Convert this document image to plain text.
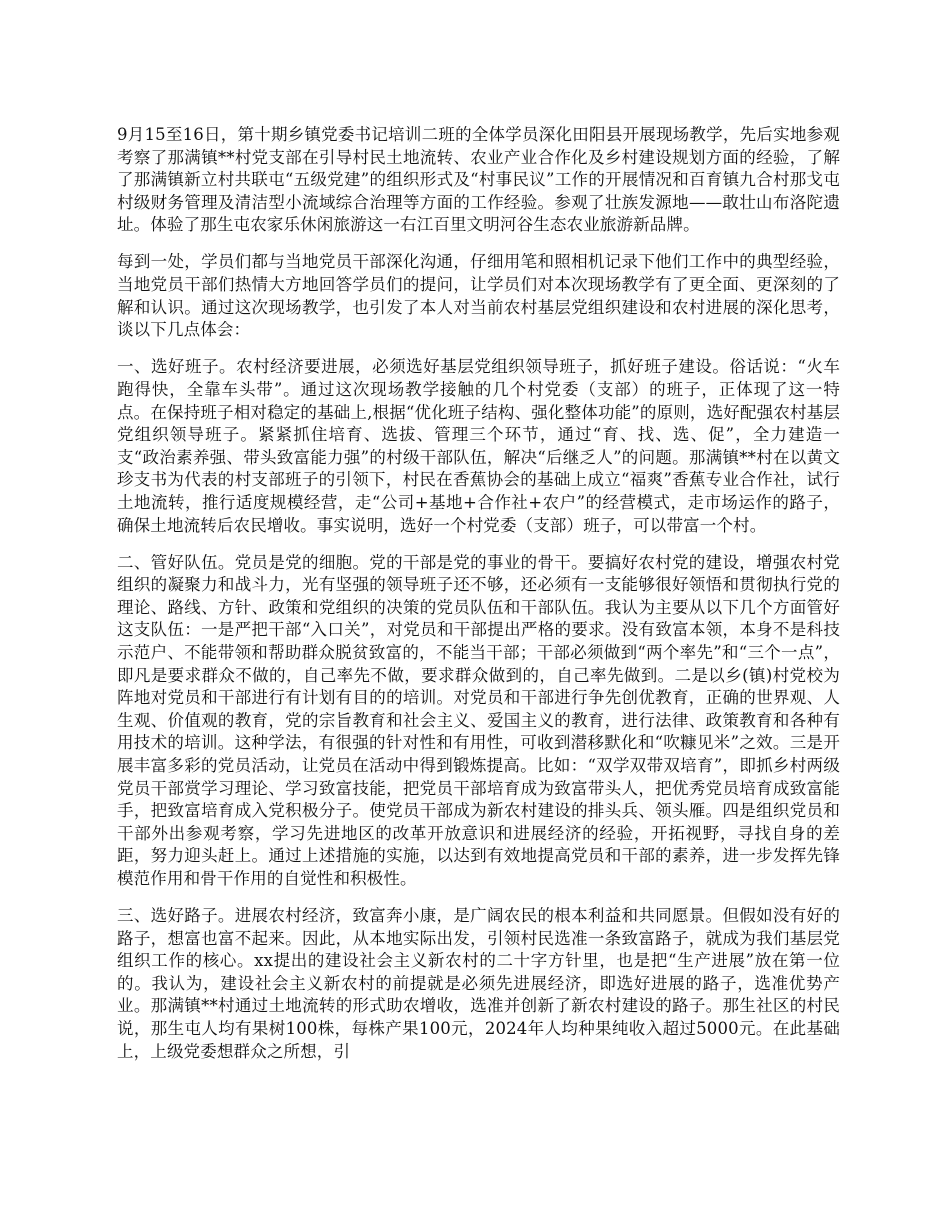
9月15至16日，第十期乡镇党委书记培训二班的全体学员深化田阳县开展现场教学，先后实地参观考察了那满镇**村党支部在引导村民土地流转、农业产业合作化及乡村建设规划方面的经验，了解了那满镇新立村共联屯“五级党建”的组织形式及“村事民议”工作的开展情况和百育镇九合村那戈屯村级财务管理及清洁型小流域综合治理等方面的工作经验。参观了壮族发源地——敢壮山布洛陀遗址。体验了那生屯农家乐休闲旅游这一右江百里文明河谷生态农业旅游新品牌。

每到一处，学员们都与当地党员干部深化沟通，仔细用笔和照相机记录下他们工作中的典型经验，当地党员干部们热情大方地回答学员们的提问，让学员们对本次现场教学有了更全面、更深刻的了解和认识。通过这次现场教学，也引发了本人对当前农村基层党组织建设和农村进展的深化思考，谈以下几点体会：

一、选好班子。农村经济要进展，必须选好基层党组织领导班子，抓好班子建设。俗话说：“火车跑得快，全靠车头带”。通过这次现场教学接触的几个村党委（支部）的班子，正体现了这一特点。在保持班子相对稳定的基础上,根据“优化班子结构、强化整体功能”的原则，选好配强农村基层党组织领导班子。紧紧抓住培育、选拔、管理三个环节，通过“育、找、选、促”，全力建造一支“政治素养强、带头致富能力强”的村级干部队伍，解决“后继乏人”的问题。那满镇**村在以黄文珍支书为代表的村支部班子的引领下，村民在香蕉协会的基础上成立“福爽”香蕉专业合作社，试行土地流转，推行适度规模经营，走“公司+基地+合作社+农户”的经营模式，走市场运作的路子，确保土地流转后农民增收。事实说明，选好一个村党委（支部）班子，可以带富一个村。

二、管好队伍。党员是党的细胞。党的干部是党的事业的骨干。要搞好农村党的建设，增强农村党组织的凝聚力和战斗力，光有坚强的领导班子还不够，还必须有一支能够很好领悟和贯彻执行党的理论、路线、方针、政策和党组织的决策的党员队伍和干部队伍。我认为主要从以下几个方面管好这支队伍：一是严把干部“入口关”，对党员和干部提出严格的要求。没有致富本领，本身不是科技示范户、不能带领和帮助群众脱贫致富的，不能当干部；干部必须做到“两个率先”和“三个一点”，即凡是要求群众不做的，自己率先不做，要求群众做到的，自己率先做到。二是以乡(镇)村党校为阵地对党员和干部进行有计划有目的的培训。对党员和干部进行争先创优教育，正确的世界观、人生观、价值观的教育，党的宗旨教育和社会主义、爱国主义的教育，进行法律、政策教育和各种有用技术的培训。这种学法，有很强的针对性和有用性，可收到潜移默化和“吹糠见米”之效。三是开展丰富多彩的党员活动，让党员在活动中得到锻炼提高。比如：“双学双带双培育”，即抓乡村两级党员干部赏学习理论、学习致富技能，把党员干部培育成为致富带头人，把优秀党员培育成致富能手，把致富培育成入党积极分子。使党员干部成为新农村建设的排头兵、领头雁。四是组织党员和干部外出参观考察，学习先进地区的改革开放意识和进展经济的经验，开拓视野，寻找自身的差距，努力迎头赶上。通过上述措施的实施，以达到有效地提高党员和干部的素养，进一步发挥先锋模范作用和骨干作用的自觉性和积极性。

三、选好路子。进展农村经济，致富奔小康，是广阔农民的根本利益和共同愿景。但假如没有好的路子，想富也富不起来。因此，从本地实际出发，引领村民选准一条致富路子，就成为我们基层党组织工作的核心。xx提出的建设社会主义新农村的二十字方针里，也是把“生产进展”放在第一位的。我认为，建设社会主义新农村的前提就是必须先进展经济，即选好进展的路子，选准优势产业。那满镇**村通过土地流转的形式助农增收，选准并创新了新农村建设的路子。那生社区的村民说，那生屯人均有果树100株，每株产果100元，2024年人均种果纯收入超过5000元。在此基础上，上级党委想群众之所想，引
